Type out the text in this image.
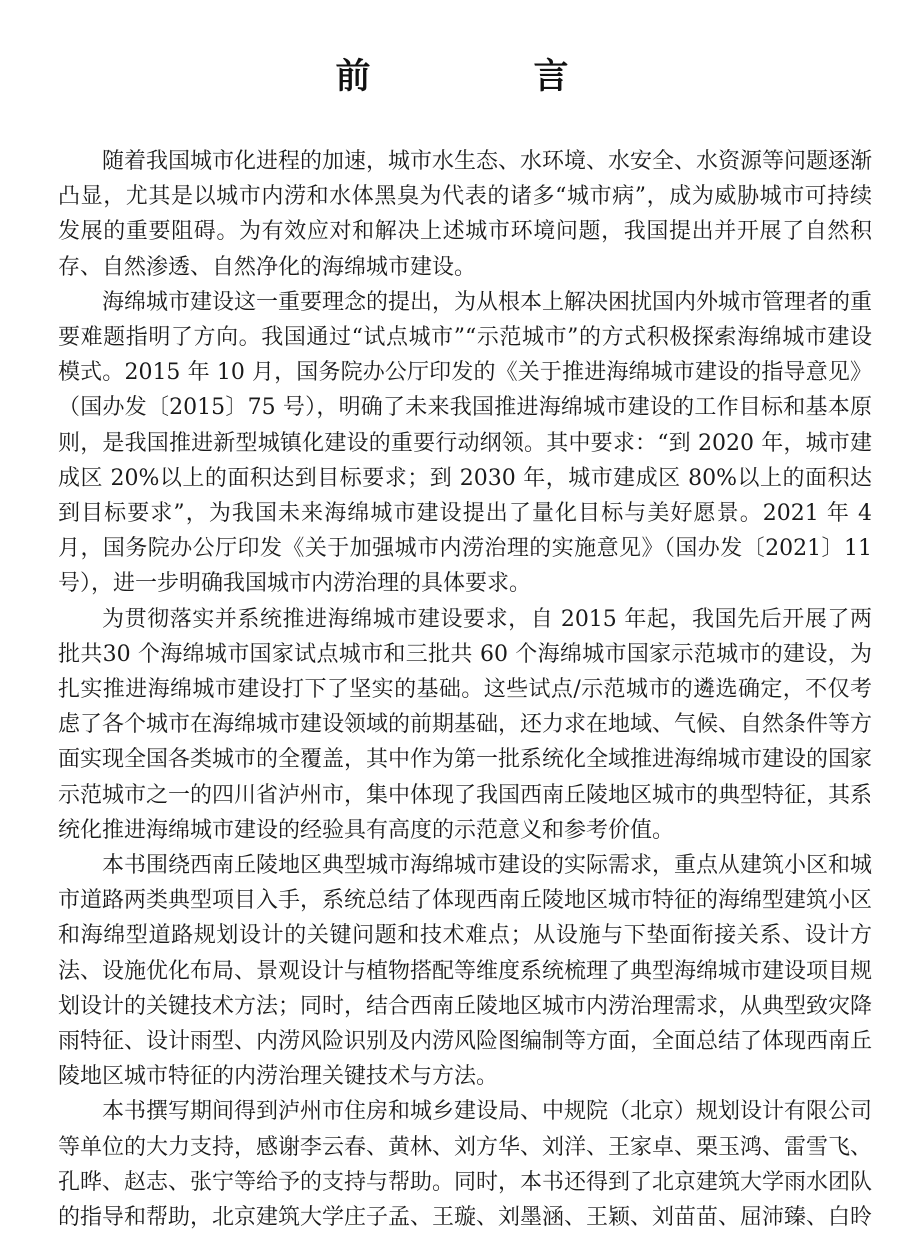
前　言

随着我国城市化进程的加速，城市水生态、水环境、水安全、水资源等问题逐渐凸显，尤其是以城市内涝和水体黑臭为代表的诸多“城市病”，成为威胁城市可持续发展的重要阻碍。为有效应对和解决上述城市环境问题，我国提出并开展了自然积存、自然渗透、自然净化的海绵城市建设。

海绵城市建设这一重要理念的提出，为从根本上解决困扰国内外城市管理者的重要难题指明了方向。我国通过“试点城市”“示范城市”的方式积极探索海绵城市建设模式。2015 年 10 月，国务院办公厅印发的《关于推进海绵城市建设的指导意见》（国办发〔2015〕75 号），明确了未来我国推进海绵城市建设的工作目标和基本原则，是我国推进新型城镇化建设的重要行动纲领。其中要求：“到 2020 年，城市建成区 20%以上的面积达到目标要求；到 2030 年，城市建成区 80%以上的面积达到目标要求”，为我国未来海绵城市建设提出了量化目标与美好愿景。2021 年 4 月，国务院办公厅印发《关于加强城市内涝治理的实施意见》（国办发〔2021〕11 号），进一步明确我国城市内涝治理的具体要求。

为贯彻落实并系统推进海绵城市建设要求，自 2015 年起，我国先后开展了两批共30 个海绵城市国家试点城市和三批共 60 个海绵城市国家示范城市的建设，为扎实推进海绵城市建设打下了坚实的基础。这些试点/示范城市的遴选确定，不仅考虑了各个城市在海绵城市建设领域的前期基础，还力求在地域、气候、自然条件等方面实现全国各类城市的全覆盖，其中作为第一批系统化全域推进海绵城市建设的国家示范城市之一的四川省泸州市，集中体现了我国西南丘陵地区城市的典型特征，其系统化推进海绵城市建设的经验具有高度的示范意义和参考价值。

本书围绕西南丘陵地区典型城市海绵城市建设的实际需求，重点从建筑小区和城市道路两类典型项目入手，系统总结了体现西南丘陵地区城市特征的海绵型建筑小区和海绵型道路规划设计的关键问题和技术难点；从设施与下垫面衔接关系、设计方法、设施优化布局、景观设计与植物搭配等维度系统梳理了典型海绵城市建设项目规划设计的关键技术方法；同时，结合西南丘陵地区城市内涝治理需求，从典型致灾降雨特征、设计雨型、内涝风险识别及内涝风险图编制等方面，全面总结了体现西南丘陵地区城市特征的内涝治理关键技术与方法。

本书撰写期间得到泸州市住房和城乡建设局、中规院（北京）规划设计有限公司等单位的大力支持，感谢李云春、黄林、刘方华、刘洋、王家卓、栗玉鸿、雷雪飞、孔晔、赵志、张宁等给予的支持与帮助。同时，本书还得到了北京建筑大学雨水团队的指导和帮助，北京建筑大学庄子孟、王璇、刘墨涵、王颖、刘苗苗、屈沛臻、白昤
